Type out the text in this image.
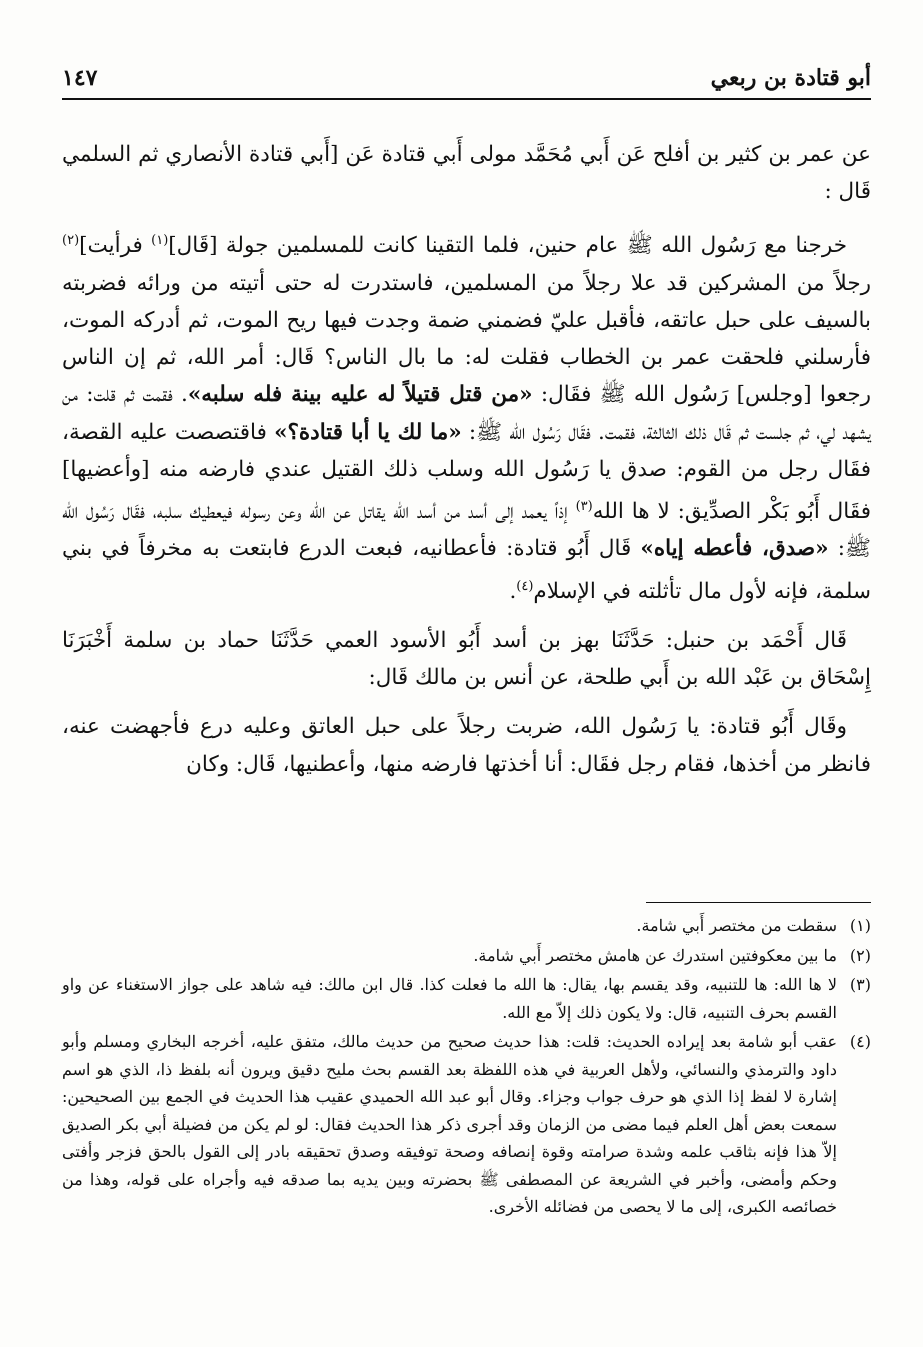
١٤٧	أبو قتادة بن ربعي

عن عمر بن كثير بن أفلح عَن أَبي مُحَمَّد مولى أَبي قتادة عَن [أَبي قتادة الأنصاري ثم السلمي قَال :

خرجنا مع رَسُول الله ﷺ عام حنين، فلما التقينا كانت للمسلمين جولة [قَال]$^{(١)}$ فرأيت]$^{(٢)}$ رجلاً من المشركين قد علا رجلاً من المسلمين، فاستدرت له حتى أتيته من ورائه فضربته بالسيف على حبل عاتقه، فأقبل عليّ فضمني ضمة وجدت فيها ريح الموت، ثم أدركه الموت، فأرسلني فلحقت عمر بن الخطاب فقلت له: ما بال الناس؟ قَال: أمر الله، ثم إن الناس رجعوا [وجلس] رَسُول الله ﷺ فقَال: «من قتل قتيلاً له عليه بينة فله سلبه». فقمت ثم قلت: من يشهد لي، ثم جلست ثم قَال ذلك الثالثة، فقمت. فقَال رَسُول الله ﷺ: «ما لك يا أبا قتادة؟» فاقتصصت عليه القصة، فقَال رجل من القوم: صدق يا رَسُول الله وسلب ذلك القتيل عندي فارضه منه [وأعضيها] فقَال أَبُو بَكْر الصدِّيق: لا ها الله$^{(٣)}$ إذاً يعمد إلى أسد من أسد الله يقاتل عن الله وعن رسوله فيعطيك سلبه، فقَال رَسُول الله ﷺ: «صدق، فأعطه إياه» قَال أَبُو قتادة: فأعطانيه، فبعت الدرع فابتعت به مخرفاً في بني سلمة، فإنه لأول مال تأثلته في الإسلام$^{(٤)}$.

قَال أَحْمَد بن حنبل: حَدَّثَنَا بهز بن أسد أَبُو الأسود العمي حَدَّثَنَا حماد بن سلمة أَخْبَرَنَا إِسْحَاق بن عَبْد الله بن أَبي طلحة، عن أنس بن مالك قَال:

وقَال أَبُو قتادة: يا رَسُول الله، ضربت رجلاً على حبل العاتق وعليه درع فأجهضت عنه، فانظر من أخذها، فقام رجل فقَال: أنا أخذتها فارضه منها، وأعطنيها، قَال: وكان

(١)
سقطت من مختصر أَبي شامة.
(٢)
ما بين معكوفتين استدرك عن هامش مختصر أَبي شامة.
(٣)
لا ها الله: ها للتنبيه، وقد يقسم بها، يقال: ها الله ما فعلت كذا. قال ابن مالك: فيه شاهد على جواز الاستغناء عن واو القسم بحرف التنبيه، قال: ولا يكون ذلك إلاّ مع الله.
(٤)
عقب أبو شامة بعد إيراده الحديث: قلت: هذا حديث صحيح من حديث مالك، متفق عليه، أخرجه البخاري ومسلم وأبو داود والترمذي والنسائي، ولأهل العربية في هذه اللفظة بعد القسم بحث مليح دقيق ويرون أنه بلفظ ذا، الذي هو اسم إشارة لا لفظ إذا الذي هو حرف جواب وجزاء. وقال أبو عبد الله الحميدي عقيب هذا الحديث في الجمع بين الصحيحين: سمعت بعض أهل العلم فيما مضى من الزمان وقد أجرى ذكر هذا الحديث فقال: لو لم يكن من فضيلة أبي بكر الصديق إلاّ هذا فإنه بثاقب علمه وشدة صرامته وقوة إنصافه وصحة توفيقه وصدق تحقيقه بادر إلى القول بالحق فزجر وأفتى وحكم وأمضى، وأخبر في الشريعة عن المصطفى ﷺ بحضرته وبين يديه بما صدقه فيه وأجراه على قوله، وهذا من خصائصه الكبرى، إلى ما لا يحصى من فضائله الأخرى.
